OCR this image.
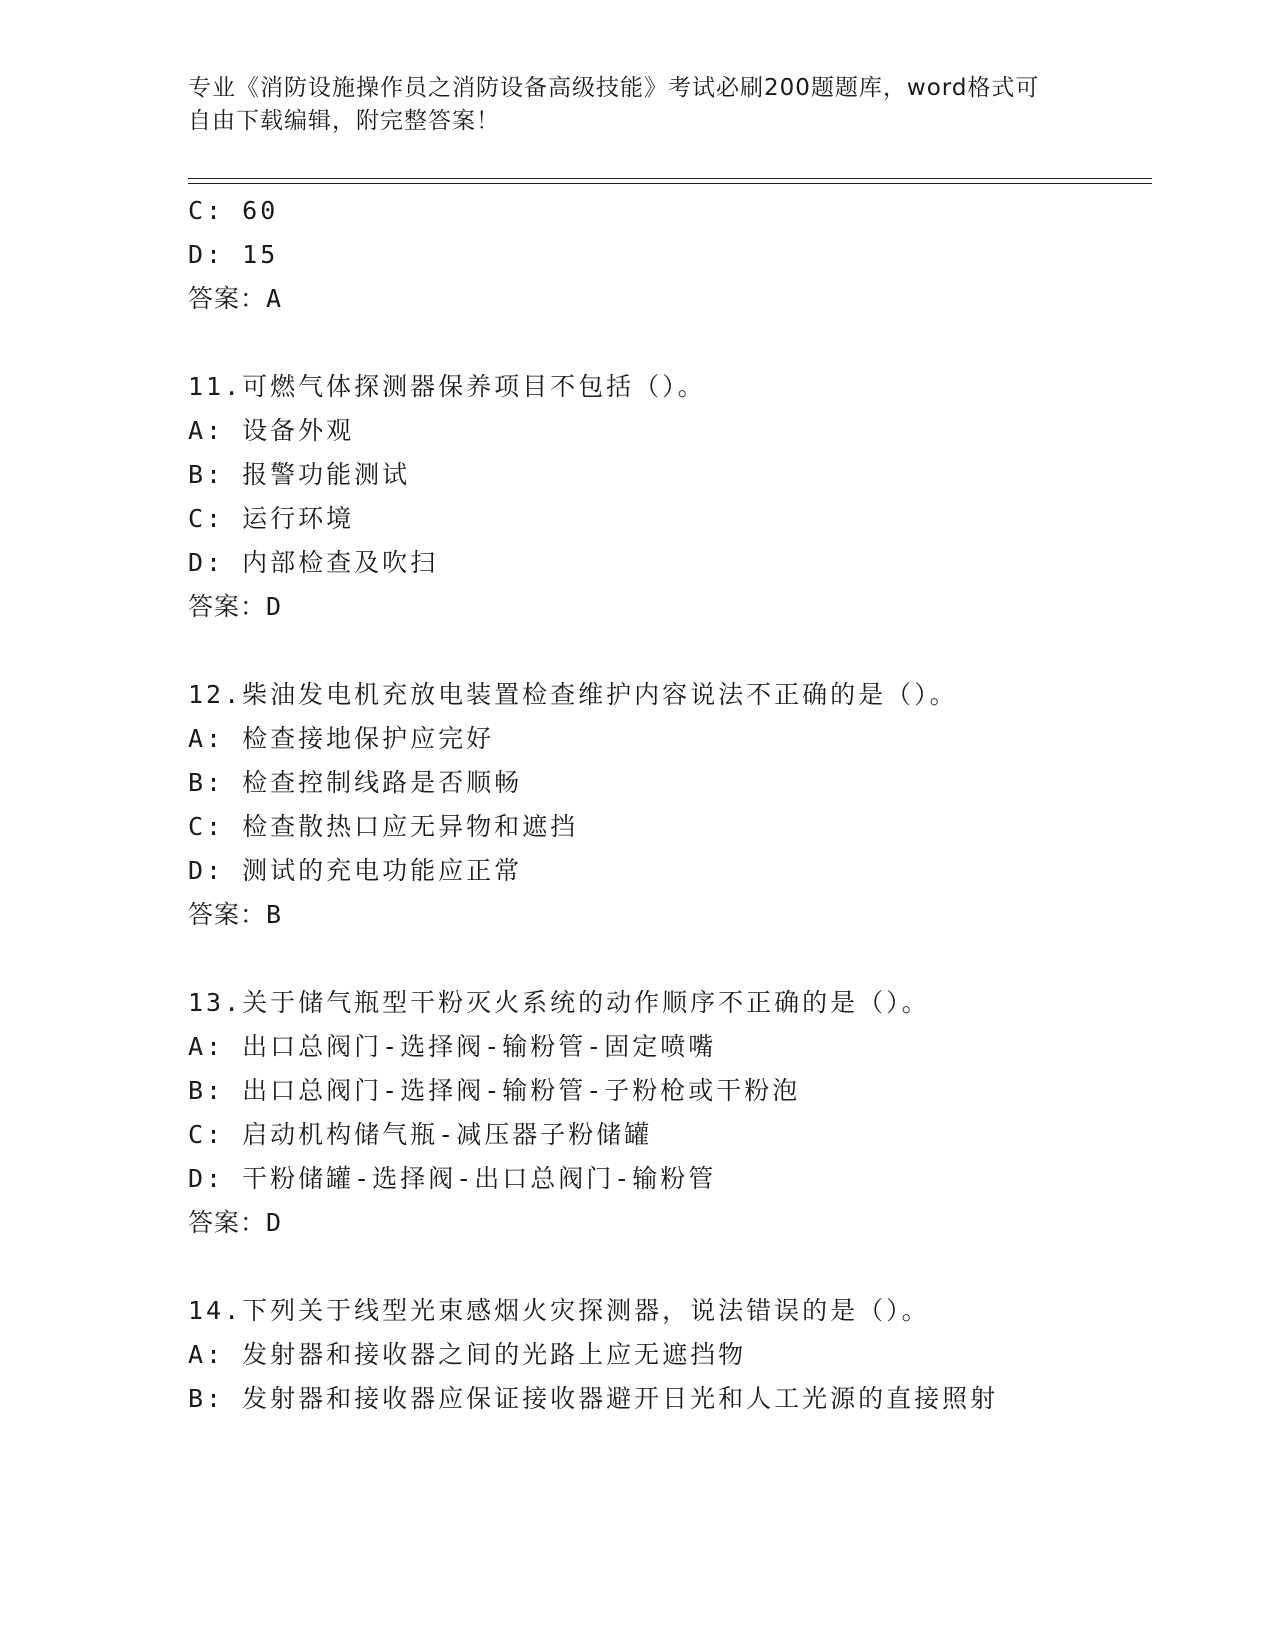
专业《消防设施操作员之消防设备高级技能》考试必刷200题题库，word格式可
自由下载编辑，附完整答案！
C: 60
D: 15
答案：A
11.可燃气体探测器保养项目不包括（）。
A: 设备外观
B: 报警功能测试
C: 运行环境
D: 内部检查及吹扫
答案：D
12.柴油发电机充放电装置检查维护内容说法不正确的是（）。
A: 检查接地保护应完好
B: 检查控制线路是否顺畅
C: 检查散热口应无异物和遮挡
D: 测试的充电功能应正常
答案：B
13.关于储气瓶型干粉灭火系统的动作顺序不正确的是（）。
A: 出口总阀门-选择阀-输粉管-固定喷嘴
B: 出口总阀门-选择阀-输粉管-子粉枪或干粉泡
C: 启动机构储气瓶-减压器子粉储罐
D: 干粉储罐-选择阀-出口总阀门-输粉管
答案：D
14.下列关于线型光束感烟火灾探测器，说法错误的是（）。
A: 发射器和接收器之间的光路上应无遮挡物
B: 发射器和接收器应保证接收器避开日光和人工光源的直接照射
